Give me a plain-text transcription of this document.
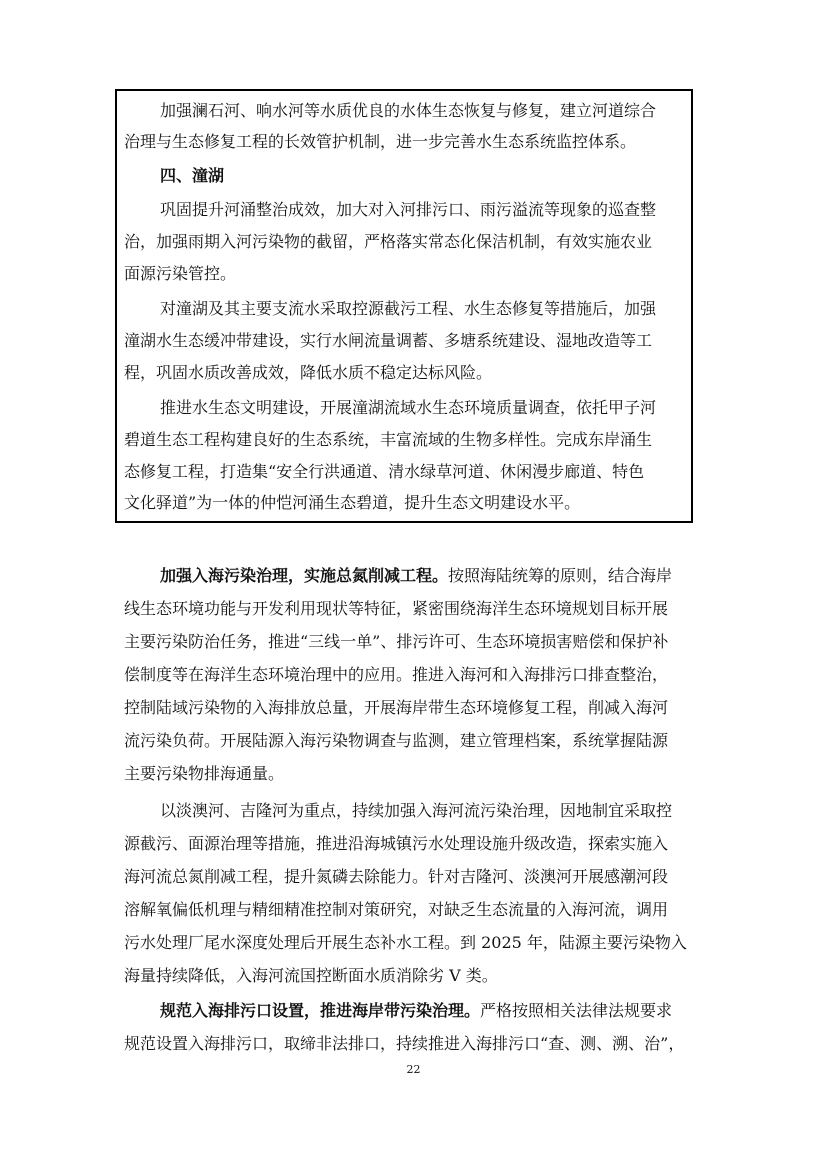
加强澜石河、响水河等水质优良的水体生态恢复与修复，建立河道综合
治理与生态修复工程的长效管护机制，进一步完善水生态系统监控体系。
四、潼湖
巩固提升河涌整治成效，加大对入河排污口、雨污溢流等现象的巡查整
治，加强雨期入河污染物的截留，严格落实常态化保洁机制，有效实施农业
面源污染管控。
对潼湖及其主要支流水采取控源截污工程、水生态修复等措施后，加强
潼湖水生态缓冲带建设，实行水闸流量调蓄、多塘系统建设、湿地改造等工
程，巩固水质改善成效，降低水质不稳定达标风险。
推进水生态文明建设，开展潼湖流域水生态环境质量调查，依托甲子河
碧道生态工程构建良好的生态系统，丰富流域的生物多样性。完成东岸涌生
态修复工程，打造集“安全行洪通道、清水绿草河道、休闲漫步廊道、特色
文化驿道”为一体的仲恺河涌生态碧道，提升生态文明建设水平。
加强入海污染治理，实施总氮削减工程。按照海陆统筹的原则，结合海岸
线生态环境功能与开发利用现状等特征，紧密围绕海洋生态环境规划目标开展
主要污染防治任务，推进“三线一单”、排污许可、生态环境损害赔偿和保护补
偿制度等在海洋生态环境治理中的应用。推进入海河和入海排污口排查整治，
控制陆域污染物的入海排放总量，开展海岸带生态环境修复工程，削减入海河
流污染负荷。开展陆源入海污染物调查与监测，建立管理档案，系统掌握陆源
主要污染物排海通量。
以淡澳河、吉隆河为重点，持续加强入海河流污染治理，因地制宜采取控
源截污、面源治理等措施，推进沿海城镇污水处理设施升级改造，探索实施入
海河流总氮削减工程，提升氮磷去除能力。针对吉隆河、淡澳河开展感潮河段
溶解氧偏低机理与精细精准控制对策研究，对缺乏生态流量的入海河流，调用
污水处理厂尾水深度处理后开展生态补水工程。到 2025 年，陆源主要污染物入
海量持续降低，入海河流国控断面水质消除劣 V 类。
规范入海排污口设置，推进海岸带污染治理。严格按照相关法律法规要求
规范设置入海排污口，取缔非法排口，持续推进入海排污口“查、测、溯、治”，
22
